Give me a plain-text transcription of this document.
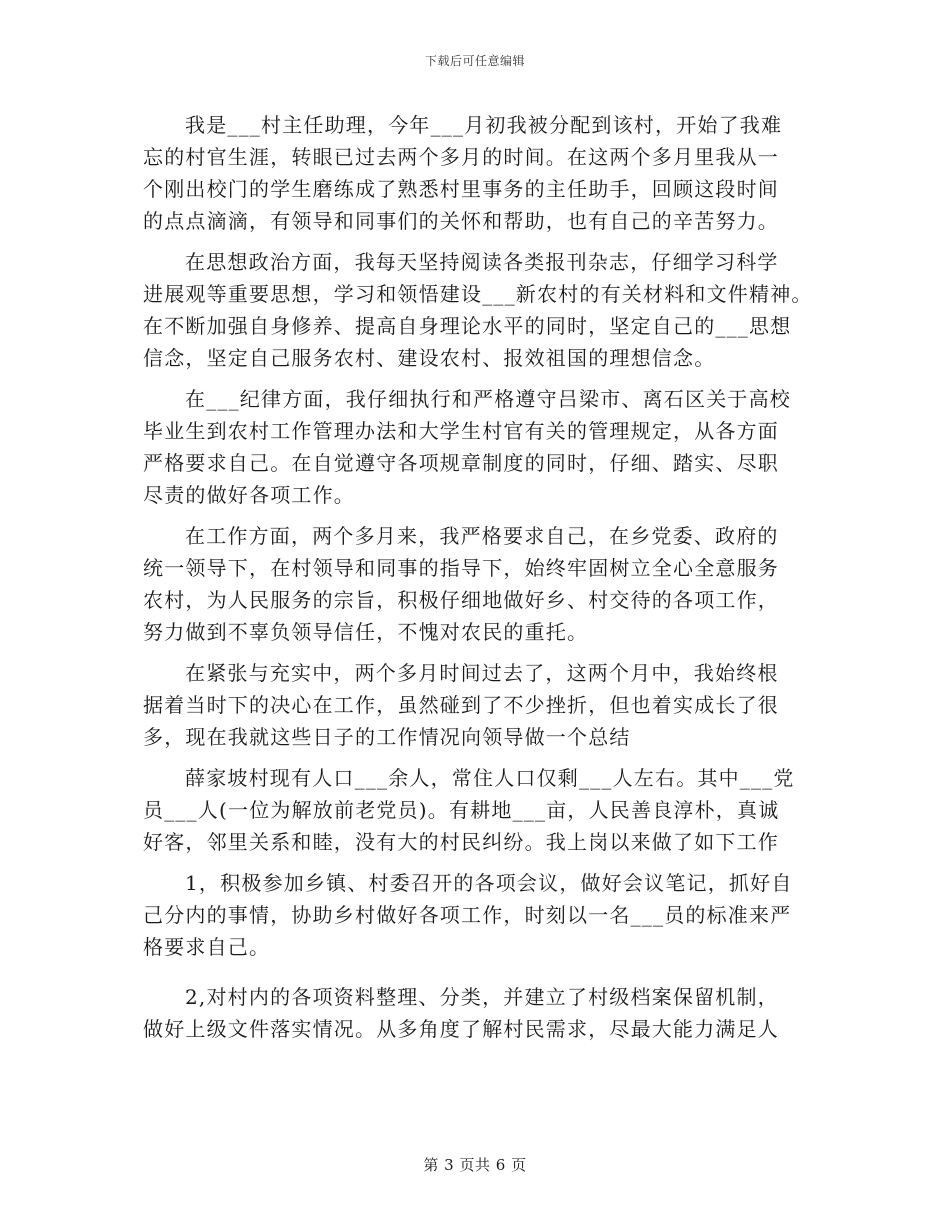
下载后可任意编辑
我是___村主任助理，今年___月初我被分配到该村，开始了我难
忘的村官生涯，转眼已过去两个多月的时间。在这两个多月里我从一
个刚出校门的学生磨练成了熟悉村里事务的主任助手，回顾这段时间
的点点滴滴，有领导和同事们的关怀和帮助，也有自己的辛苦努力。
在思想政治方面，我每天坚持阅读各类报刊杂志，仔细学习科学
进展观等重要思想，学习和领悟建设___新农村的有关材料和文件精神。
在不断加强自身修养、提高自身理论水平的同时，坚定自己的___思想
信念，坚定自己服务农村、建设农村、报效祖国的理想信念。
在___纪律方面，我仔细执行和严格遵守吕梁市、离石区关于高校
毕业生到农村工作管理办法和大学生村官有关的管理规定，从各方面
严格要求自己。在自觉遵守各项规章制度的同时，仔细、踏实、尽职
尽责的做好各项工作。
在工作方面，两个多月来，我严格要求自己，在乡党委、政府的
统一领导下，在村领导和同事的指导下，始终牢固树立全心全意服务
农村，为人民服务的宗旨，积极仔细地做好乡、村交待的各项工作，
努力做到不辜负领导信任，不愧对农民的重托。
在紧张与充实中，两个多月时间过去了，这两个月中，我始终根
据着当时下的决心在工作，虽然碰到了不少挫折，但也着实成长了很
多，现在我就这些日子的工作情况向领导做一个总结
薛家坡村现有人口___余人，常住人口仅剩___人左右。其中___党
员___人(一位为解放前老党员)。有耕地___亩，人民善良淳朴，真诚
好客，邻里关系和睦，没有大的村民纠纷。我上岗以来做了如下工作
1，积极参加乡镇、村委召开的各项会议，做好会议笔记，抓好自
己分内的事情，协助乡村做好各项工作，时刻以一名___员的标准来严
格要求自己。
2,对村内的各项资料整理、分类，并建立了村级档案保留机制，
做好上级文件落实情况。从多角度了解村民需求，尽最大能力满足人
第 3 页共 6 页
